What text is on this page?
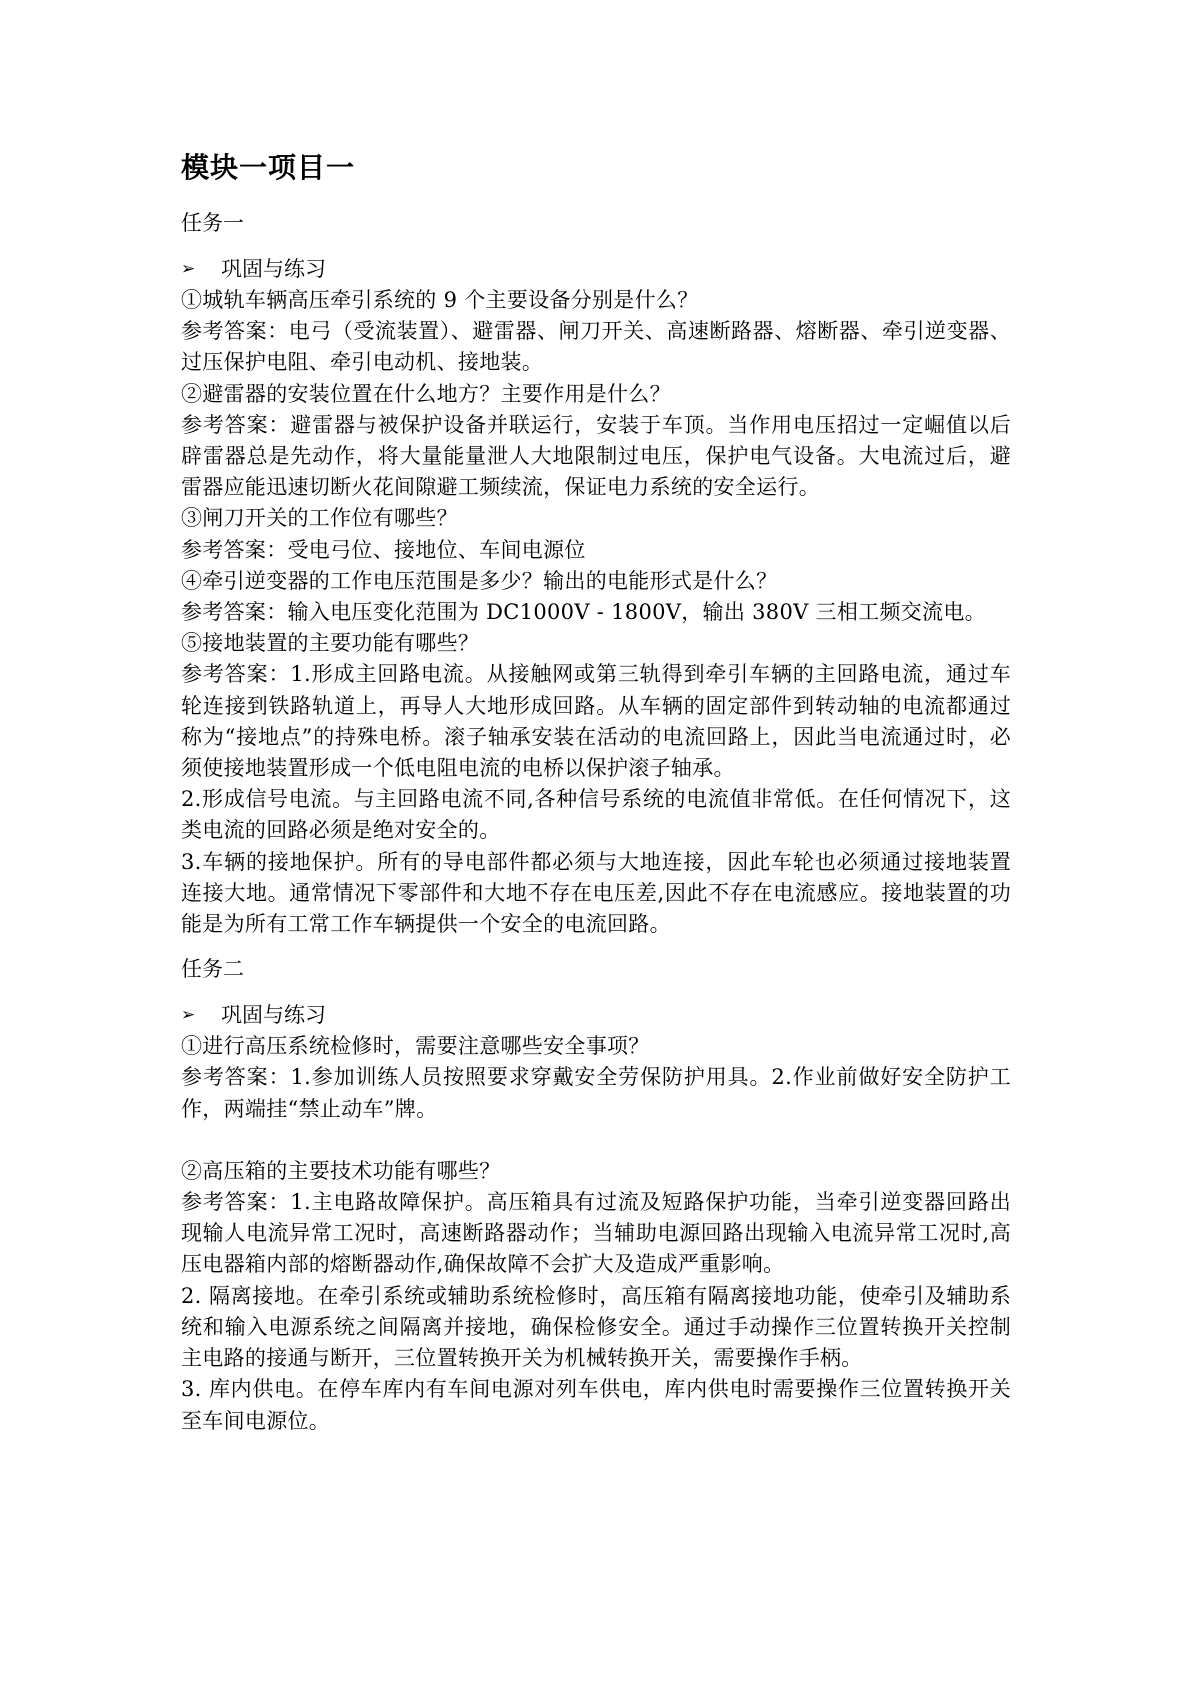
模块一项目一
任务一
➢	巩固与练习

①城轨车辆高压牵引系统的 9 个主要设备分别是什么？

参考答案：电弓（受流装置）、避雷器、闸刀开关、高速断路器、熔断器、牵引逆变器、过压保护电阻、牵引电动机、接地装。

②避雷器的安装位置在什么地方？主要作用是什么？

参考答案：避雷器与被保护设备并联运行，安装于车顶。当作用电压招过一定崛值以后辟雷器总是先动作，将大量能量泄人大地限制过电压，保护电气设备。大电流过后，避雷器应能迅速切断火花间隙避工频续流，保证电力系统的安全运行。

③闸刀开关的工作位有哪些？

参考答案：受电弓位、接地位、车间电源位

④牵引逆变器的工作电压范围是多少？输出的电能形式是什么？

参考答案：输入电压变化范围为 DC1000V - 1800V，输出 380V 三相工频交流电。

⑤接地装置的主要功能有哪些？

参考答案：1.形成主回路电流。从接触网或第三轨得到牵引车辆的主回路电流，通过车轮连接到铁路轨道上，再导人大地形成回路。从车辆的固定部件到转动轴的电流都通过称为“接地点”的持殊电桥。滚子轴承安装在活动的电流回路上，因此当电流通过时，必须使接地装置形成一个低电阻电流的电桥以保护滚子轴承。

2.形成信号电流。与主回路电流不同,各种信号系统的电流值非常低。在任何情况下，这类电流的回路必须是绝对安全的。

3.车辆的接地保护。所有的导电部件都必须与大地连接，因此车轮也必须通过接地装置连接大地。通常情况下零部件和大地不存在电压差,因此不存在电流感应。接地装置的功能是为所有工常工作车辆提供一个安全的电流回路。

任务二
➢	巩固与练习

①进行高压系统检修时，需要注意哪些安全事项？

参考答案：1.参加训练人员按照要求穿戴安全劳保防护用具。2.作业前做好安全防护工作，两端挂“禁止动车”牌。

②高压箱的主要技术功能有哪些？

参考答案：1.主电路故障保护。高压箱具有过流及短路保护功能，当牵引逆变器回路出现输人电流异常工况时，高速断路器动作；当辅助电源回路出现输入电流异常工况时,高压电器箱内部的熔断器动作,确保故障不会扩大及造成严重影响。

2. 隔离接地。在牵引系统或辅助系统检修时，高压箱有隔离接地功能，使牵引及辅助系统和输入电源系统之间隔离并接地，确保检修安全。通过手动操作三位置转换开关控制主电路的接通与断开，三位置转换开关为机械转换开关，需要操作手柄。

3. 库内供电。在停车库内有车间电源对列车供电，库内供电时需要操作三位置转换开关至车间电源位。
